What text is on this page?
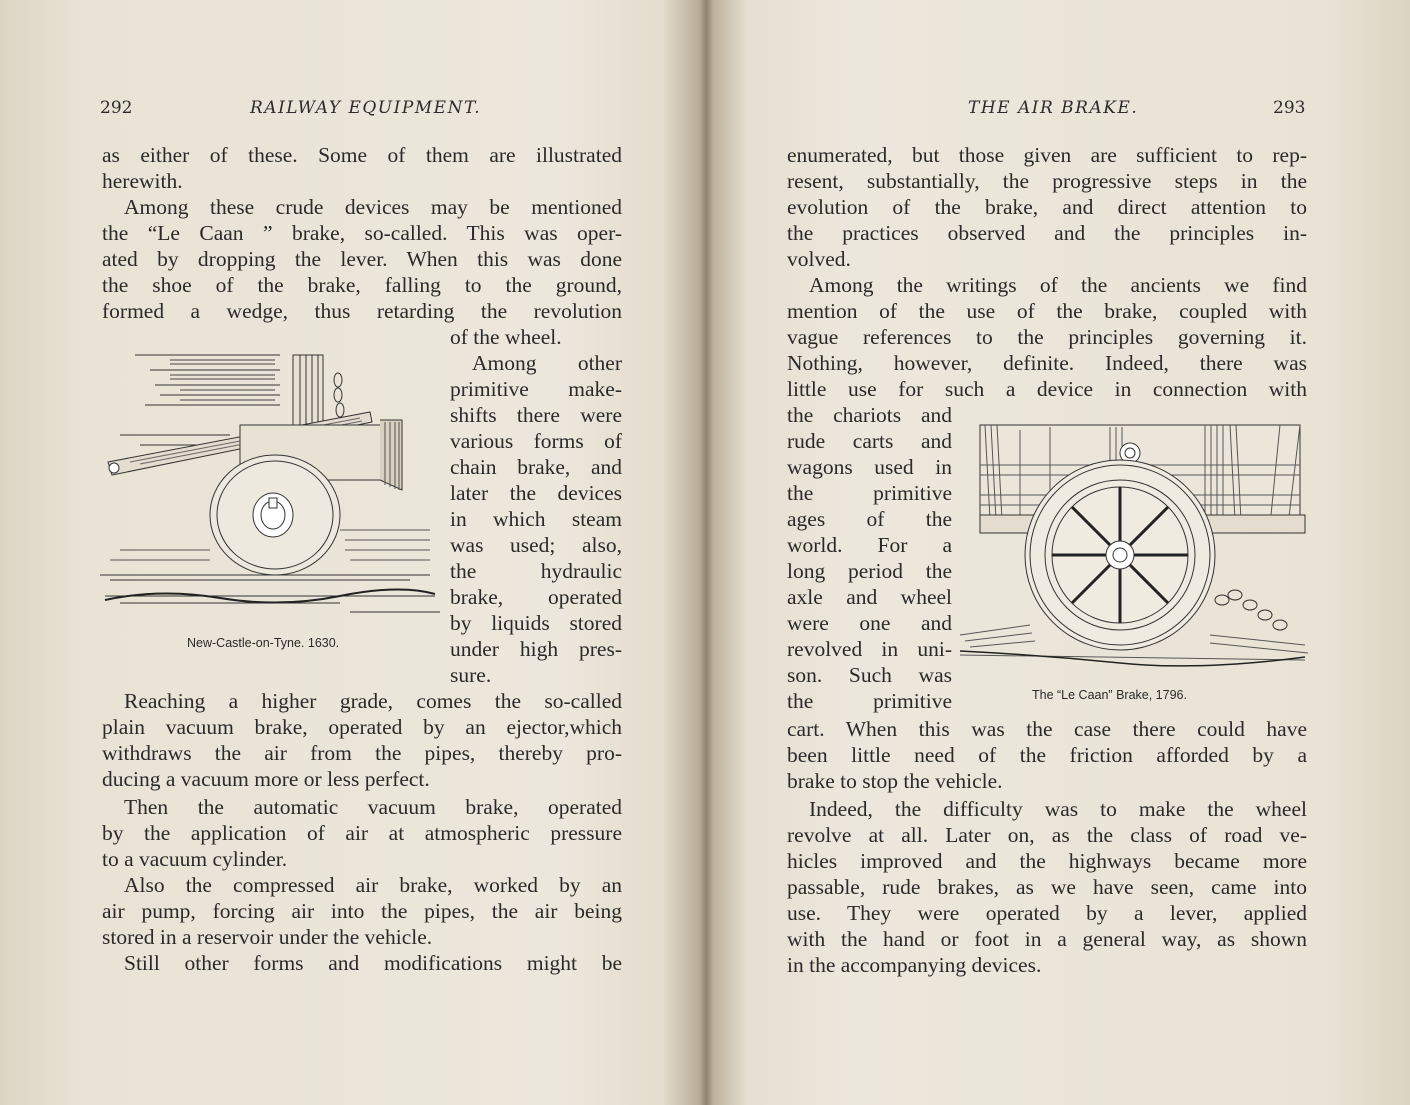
292	RAILWAY EQUIPMENT.
as either of these. Some of them are illustrated
herewith.
Among these crude devices may be mentioned
the “Le Caan ” brake, so-called. This was oper-
ated by dropping the lever. When this was done
the shoe of the brake, falling to the ground,
formed a wedge, thus retarding the revolution
of the wheel.
Among other
primitive make-
shifts there were
various forms of
chain brake, and
later the devices
in which steam
was used; also,
the hydraulic
brake, operated
by liquids stored
under high pres-
sure.
Reaching a higher grade, comes the so-called
plain vacuum brake, operated by an ejector,which
withdraws the air from the pipes, thereby pro-
ducing a vacuum more or less perfect.
Then the automatic vacuum brake, operated
by the application of air at atmospheric pressure
to a vacuum cylinder.
Also the compressed air brake, worked by an
air pump, forcing air into the pipes, the air being
stored in a reservoir under the vehicle.
Still other forms and modifications might be
New-Castle-on-Tyne. 1630.
THE AIR BRAKE.	293
enumerated, but those given are sufficient to rep-
resent, substantially, the progressive steps in the
evolution of the brake, and direct attention to
the practices observed and the principles in-
volved.
Among the writings of the ancients we find
mention of the use of the brake, coupled with
vague references to the principles governing it.
Nothing, however, definite. Indeed, there was
little use for such a device in connection with
the chariots and
rude carts and
wagons used in
the primitive
ages of the
world. For a
long period the
axle and wheel
were one and
revolved in uni-
son. Such was
the primitive
cart. When this was the case there could have
been little need of the friction afforded by a
brake to stop the vehicle.
Indeed, the difficulty was to make the wheel
revolve at all. Later on, as the class of road ve-
hicles improved and the highways became more
passable, rude brakes, as we have seen, came into
use. They were operated by a lever, applied
with the hand or foot in a general way, as shown
in the accompanying devices.
The “Le Caan” Brake, 1796.
